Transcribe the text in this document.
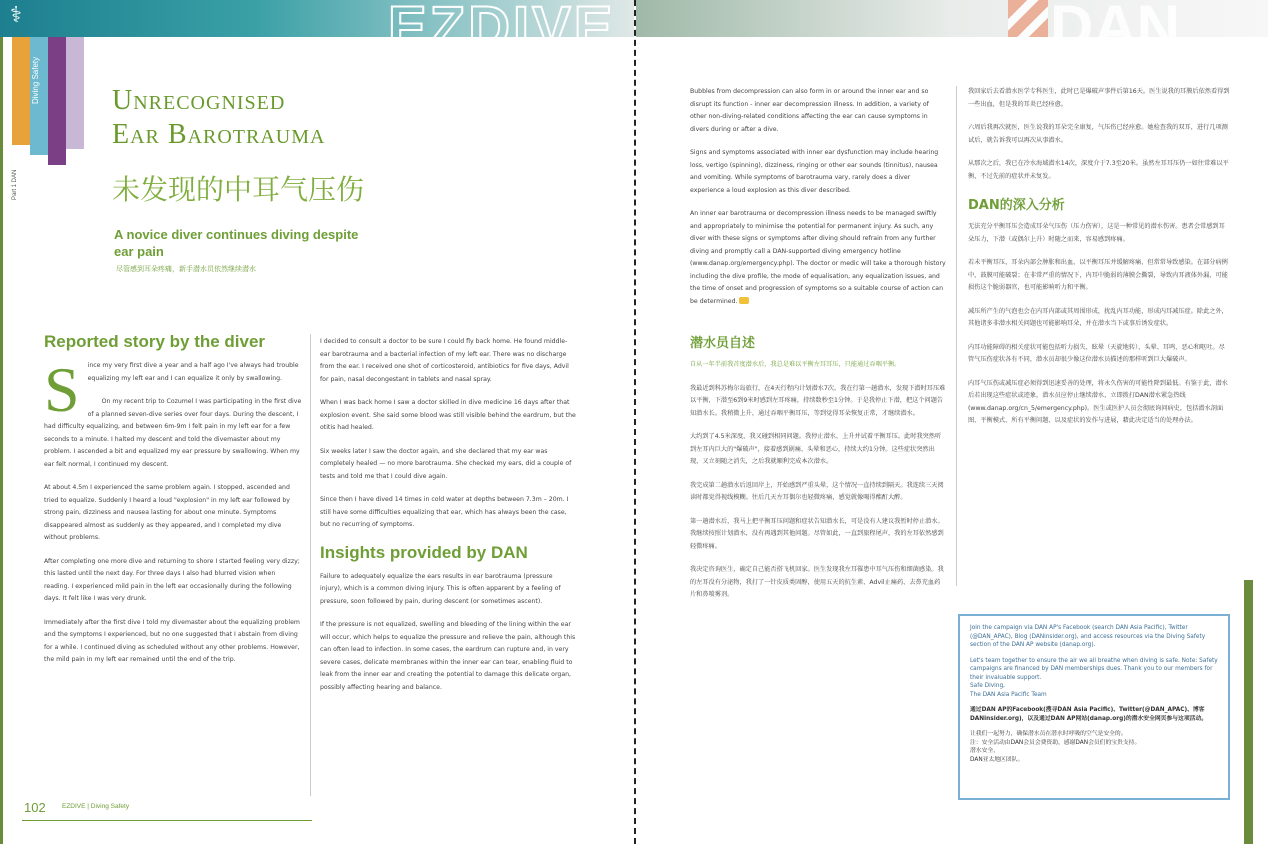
⚕	EZDIVE	DAN
Diving Safety
Part 1 DAN
Unrecognised
Ear Barotrauma
未发现的中耳气压伤
A novice diver continues diving despite ear pain
尽管感到耳朵疼痛，新手潜水员依然继续潜水
Reported story by the diver

S ince my very first dive a year and a half ago I've always had trouble equalizing my left ear and I can equalize it only by swallowing.

On my recent trip to Cozumel I was participating in the first dive of a planned seven-dive series over four days. During the descent, I had difficulty equalizing, and between 6m-9m I felt pain in my left ear for a few seconds to a minute. I halted my descent and told the divemaster about my problem. I ascended a bit and equalized my ear pressure by swallowing. When my ear felt normal, I continued my descent.

At about 4.5m I experienced the same problem again. I stopped, ascended and tried to equalize. Suddenly I heard a loud "explosion" in my left ear followed by strong pain, dizziness and nausea lasting for about one minute. Symptoms disappeared almost as suddenly as they appeared, and I completed my dive without problems.

After completing one more dive and returning to shore I started feeling very dizzy; this lasted until the next day. For three days I also had blurred vision when reading. I experienced mild pain in the left ear occasionally during the following days. It felt like I was very drunk.

Immediately after the first dive I told my divemaster about the equalizing problem and the symptoms I experienced, but no one suggested that I abstain from diving for a while. I continued diving as scheduled without any other problems. However, the mild pain in my left ear remained until the end of the trip.

I decided to consult a doctor to be sure I could fly back home. He found middle-ear barotrauma and a bacterial infection of my left ear. There was no discharge from the ear. I received one shot of corticosteroid, antibiotics for five days, Advil for pain, nasal decongestant in tablets and nasal spray.

When I was back home I saw a doctor skilled in dive medicine 16 days after that explosion event. She said some blood was still visible behind the eardrum, but the otitis had healed.

Six weeks later I saw the doctor again, and she declared that my ear was completely healed — no more barotrauma. She checked my ears, did a couple of tests and told me that I could dive again.

Since then I have dived 14 times in cold water at depths between 7.3m – 20m. I still have some difficulties equalizing that ear, which has always been the case, but no recurring of symptoms.

Insights provided by DAN

Failure to adequately equalize the ears results in ear barotrauma (pressure injury), which is a common diving injury. This is often apparent by a feeling of pressure, soon followed by pain, during descent (or sometimes ascent).

If the pressure is not equalized, swelling and bleeding of the lining within the ear will occur, which helps to equalize the pressure and relieve the pain, although this can often lead to infection. In some cases, the eardrum can rupture and, in very severe cases, delicate membranes within the inner ear can tear, enabling fluid to leak from the inner ear and creating the potential to damage this delicate organ, possibly affecting hearing and balance.

102	EZDIVE | Diving Safety

Bubbles from decompression can also form in or around the inner ear and so disrupt its function - inner ear decompression illness. In addition, a variety of other non-diving-related conditions affecting the ear can cause symptoms in divers during or after a dive.

Signs and symptoms associated with inner ear dysfunction may include hearing loss, vertigo (spinning), dizziness, ringing or other ear sounds (tinnitus), nausea and vomiting. While symptoms of barotrauma vary, rarely does a diver experience a loud explosion as this diver described.

An inner ear barotrauma or decompression illness needs to be managed swiftly and appropriately to minimise the potential for permanent injury. As such, any diver with these signs or symptoms after diving should refrain from any further diving and promptly call a DAN-supported diving emergency hotline (www.danap.org/emergency.php). The doctor or medic will take a thorough history including the dive profile, the mode of equalisation, any equalization issues, and the time of onset and progression of symptoms so a suitable course of action can be determined.

潜水员自述

自从一年半前我首度潜水后，我总是难以平衡左耳耳压，只能通过吞咽平衡。

我最近到科苏梅尔岛旅行，在4天行程内计划潜水7次。我在行第一趟潜水，发现下潜时耳压难以平衡，下潜至6到9米时感到左耳疼痛，持续数秒至1分钟。于是我停止下潜，把这个问题告知潜水长。我稍微上升，通过吞咽平衡耳压，等到觉得耳朵恢复正常，才继续潜水。

大约到了4.5米深度，我又碰到相同问题。我停止潜水，上升并试着平衡耳压。此时我突然听到左耳内巨大的"爆破声"，接着感到剧痛、头晕和恶心，持续大约1分钟。这些症状突然出现，又立刻随之消失，之后我就顺利完成本次潜水。

我完成第二趟潜水后返回岸上，开始感到严重头晕，这个情况一直持续到隔天。我连续三天阅读时都觉得视线模糊。往后几天左耳偶尔也轻微疼痛，感觉就像喝得酩酊大醉。

第一趟潜水后，我马上把平衡耳压问题和症状告知潜水长，可是没有人建议我暂时停止潜水。我继续按照计划潜水，没有再遇到其他问题。尽管如此，一直到旅程尾声，我的左耳依然感到轻微疼痛。

我决定咨询医生，确定自己能否搭飞机回家。医生发现我左耳罹患中耳气压伤和细菌感染。我的左耳没有分泌物，我打了一针皮质类固醇，使用五天的抗生素、Advil止痛药、去鼻充血药片和鼻喷雾剂。

我回家后去看潜水医学专科医生，此时已是爆破声事件后第16天。医生说我的耳膜后依然看得到一些出血，但是我的耳炎已经痊愈。

六周后我再次就医，医生说我的耳朵完全康复，气压伤已经痊愈。她检查我的双耳，进行几项测试后，就告诉我可以再次从事潜水。

从那次之后，我已在冷水海域潜水14次，深度介于7.3至20米。虽然左耳耳压仍一如往常难以平衡，不过先前的症状并未复发。

DAN的深入分析

无法充分平衡耳压会造成耳朵气压伤（压力伤害），这是一种常见的潜水伤害。患者会常感到耳朵压力，下潜（或偶尔上升）时随之而来，容易感到疼痛。

若未平衡耳压，耳朵内部会肿胀和出血，以平衡耳压并缓解疼痛，但常常导致感染。在部分病例中，鼓膜可能破裂；在非常严重的情况下，内耳中脆弱的薄膜会撕裂，导致内耳液体外漏，可能损伤这个脆弱器官，也可能影响听力和平衡。

减压所产生的气泡也会在内耳内部或其周围形成，扰乱内耳功能，形成内耳减压症。除此之外，其他诸多非潜水相关问题也可能影响耳朵，并在潜水当下或事后诱发症状。

内耳功能障碍的相关症状可能包括听力损失、眩晕（天旋地转）、头晕、耳鸣、恶心和呕吐。尽管气压伤症状各有不同，潜水员却很少像这位潜水员描述的那样听到巨大爆破声。

内耳气压伤或减压症必须得到迅速妥善的处理，将永久伤害的可能性降到最低。有鉴于此，潜水后若出现这些症状或迹象，潜水员应停止继续潜水，立即拨打DAN潜水紧急热线 (www.danap.org/cn_5/emergency.php)。医生或医护人员会彻底询问病史，包括潜水剖面图、平衡模式、所有平衡问题、以及症状的发作与进展，藉此决定适当的处理办法。

Join the campaign via DAN AP's Facebook (search DAN Asia Pacific), Twitter (@DAN_APAC), Blog (DANinsider.org), and access resources via the Diving Safety section of the DAN AP website (danap.org).

Let's team together to ensure the air we all breathe when diving is safe. Note: Safety campaigns are financed by DAN memberships dues. Thank you to our members for their invaluable support.
Safe Diving,
The DAN Asia Pacific Team

通过DAN AP的Facebook(搜寻DAN Asia Pacific)、Twitter(@DAN_APAC)、博客DANinsider.org)，以及通过DAN AP网站(danap.org)的潜水安全网页参与这项活动。

让我们一起努力，确保潜水员在潜水时呼吸的空气是安全的。
注：安全活动由DAN会员会费资助，感谢DAN会员们的宝贵支持。
潜水安全，
DAN亚太地区团队。
